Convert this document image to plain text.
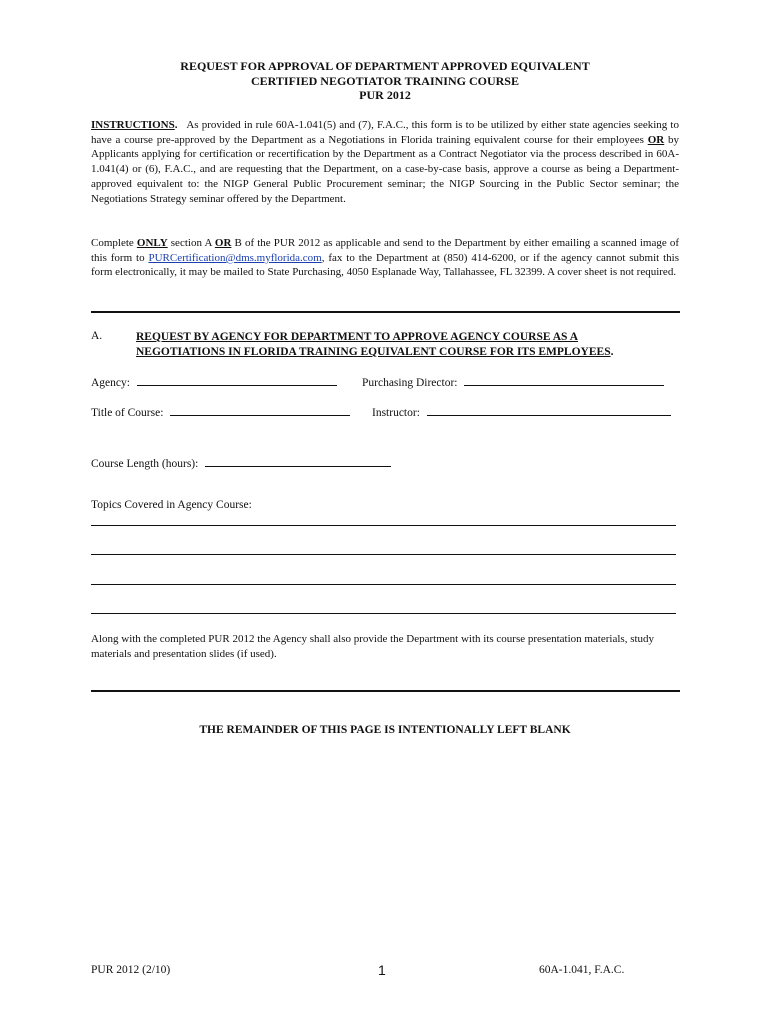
REQUEST FOR APPROVAL OF DEPARTMENT APPROVED EQUIVALENT
CERTIFIED NEGOTIATOR TRAINING COURSE
PUR 2012
INSTRUCTIONS. As provided in rule 60A-1.041(5) and (7), F.A.C., this form is to be utilized by either state agencies seeking to have a course pre-approved by the Department as a Negotiations in Florida training equivalent course for their employees OR by Applicants applying for certification or recertification by the Department as a Contract Negotiator via the process described in 60A-1.041(4) or (6), F.A.C., and are requesting that the Department, on a case-by-case basis, approve a course as being a Department-approved equivalent to: the NIGP General Public Procurement seminar; the NIGP Sourcing in the Public Sector seminar; the Negotiations Strategy seminar offered by the Department.
Complete ONLY section A OR B of the PUR 2012 as applicable and send to the Department by either emailing a scanned image of this form to PURCertification@dms.myflorida.com, fax to the Department at (850) 414-6200, or if the agency cannot submit this form electronically, it may be mailed to State Purchasing, 4050 Esplanade Way, Tallahassee, FL 32399. A cover sheet is not required.
A.	REQUEST BY AGENCY FOR DEPARTMENT TO APPROVE AGENCY COURSE AS A
NEGOTIATIONS IN FLORIDA TRAINING EQUIVALENT COURSE FOR ITS EMPLOYEES.
Agency:	Purchasing Director:
Title of Course:	Instructor:
Course Length (hours):
Topics Covered in Agency Course:
Along with the completed PUR 2012 the Agency shall also provide the Department with its course presentation materials, study materials and presentation slides (if used).
THE REMAINDER OF THIS PAGE IS INTENTIONALLY LEFT BLANK
PUR 2012 (2/10)	1	60A-1.041, F.A.C.
